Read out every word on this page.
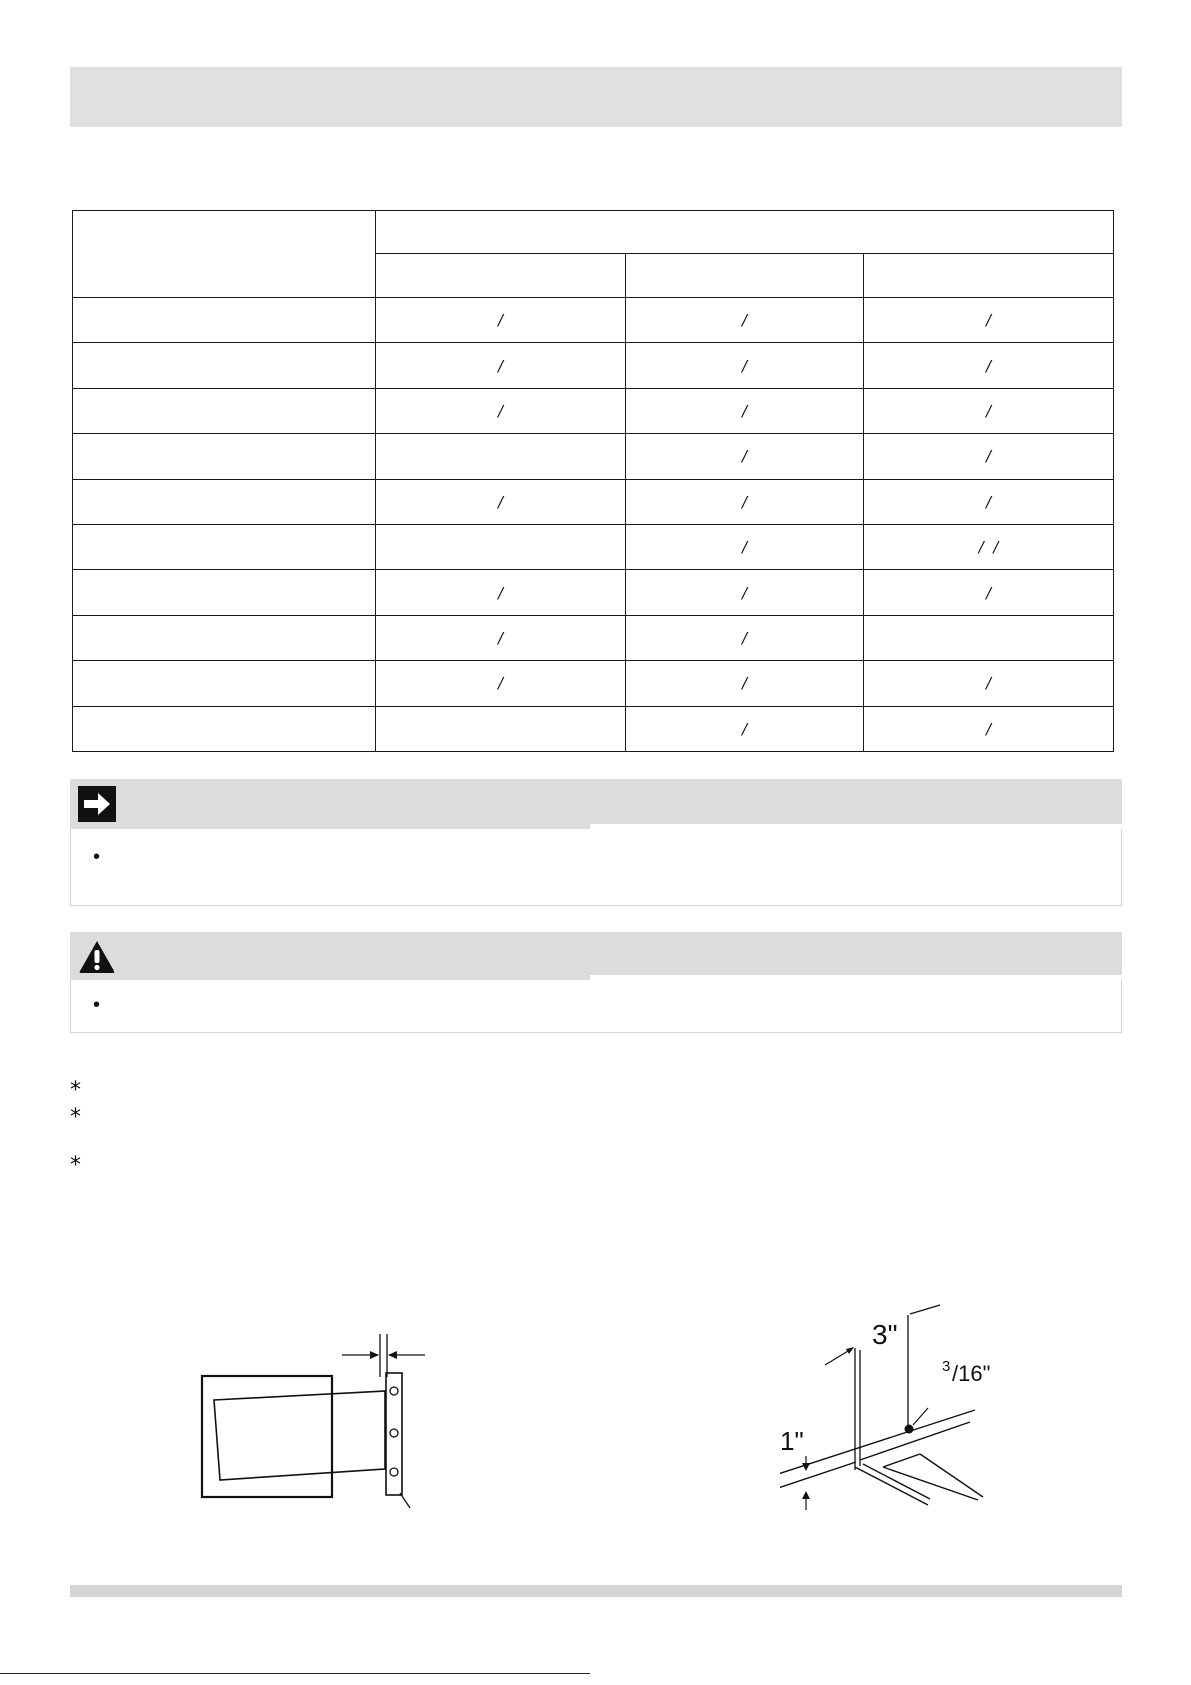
	/	/	/
	/	/	/
	/	/	/
		/	/
	/	/	/
		/	/  /
	/	/	/
	/	/	
	/	/	/
		/	/
•
•
*
*
*
3"
1"
3 /16"
